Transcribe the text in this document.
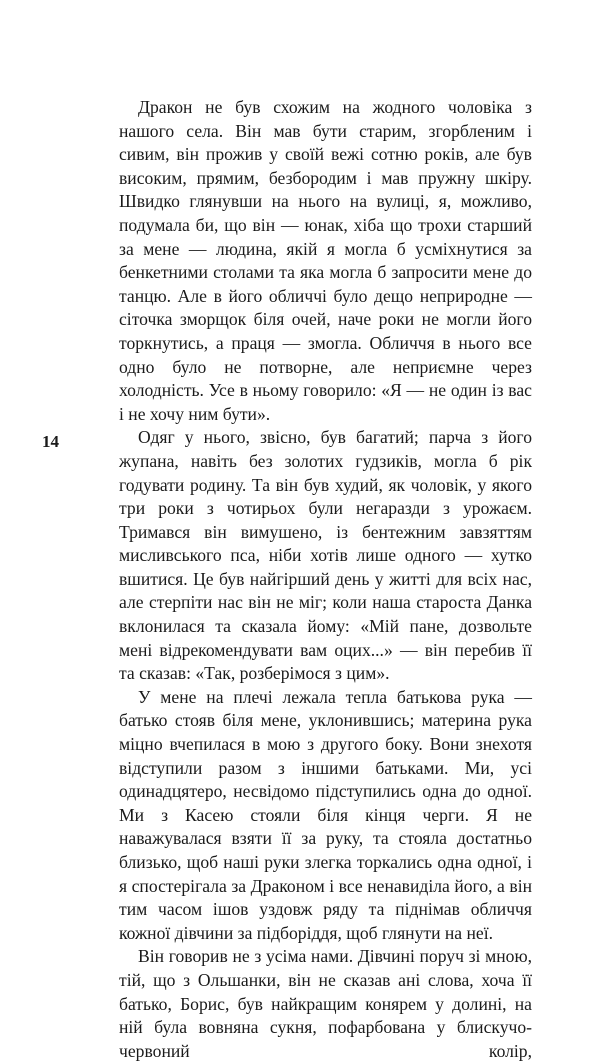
14

Дракон не був схожим на жодного чоловіка з нашого села. Він мав бути старим, згорбленим і сивим, він прожив у своїй вежі сотню років, але був високим, прямим, безбородим і мав пружну шкіру. Швидко глянувши на нього на вулиці, я, можливо, подумала би, що він — юнак, хіба що трохи старший за мене — людина, якій я могла б усміхнутися за бенкетними столами та яка могла б запросити мене до танцю. Але в його обличчі було дещо неприродне — сіточка зморщок біля очей, наче роки не могли його торкнутись, а праця — змогла. Обличчя в нього все одно було не потворне, але неприємне через холодність. Усе в ньому говорило: «Я — не один із вас і не хочу ним бути».

Одяг у нього, звісно, був багатий; парча з його жупана, навіть без золотих гудзиків, могла б рік годувати родину. Та він був худий, як чоловік, у якого три роки з чотирьох були негаразди з урожаєм. Тримався він вимушено, із бентежним завзяттям мисливського пса, ніби хотів лише одного — хутко вшитися. Це був найгірший день у житті для всіх нас, але стерпіти нас він не міг; коли наша староста Данка вклонилася та сказала йому: «Мій пане, дозвольте мені відрекомендувати вам оцих...» — він перебив її та сказав: «Так, розберімося з цим».

У мене на плечі лежала тепла батькова рука — батько стояв біля мене, уклонившись; материна рука міцно вчепилася в мою з другого боку. Вони знехотя відступили разом з іншими батьками. Ми, усі одинадцятеро, несвідомо підступились одна до одної. Ми з Касею стояли біля кінця черги. Я не наважувалася взяти її за руку, та стояла достатньо близько, щоб наші руки злегка торкались одна одної, і я спостерігала за Драконом і все ненавиділа його, а він тим часом ішов уздовж ряду та піднімав обличчя кожної дівчини за підборіддя, щоб глянути на неї.

Він говорив не з усіма нами. Дівчині поруч зі мною, тій, що з Ольшанки, він не сказав ані слова, хоча її батько, Борис, був найкращим конярем у долині, на ній була вовняна сукня, пофарбована у блискучо-червоний колір,
